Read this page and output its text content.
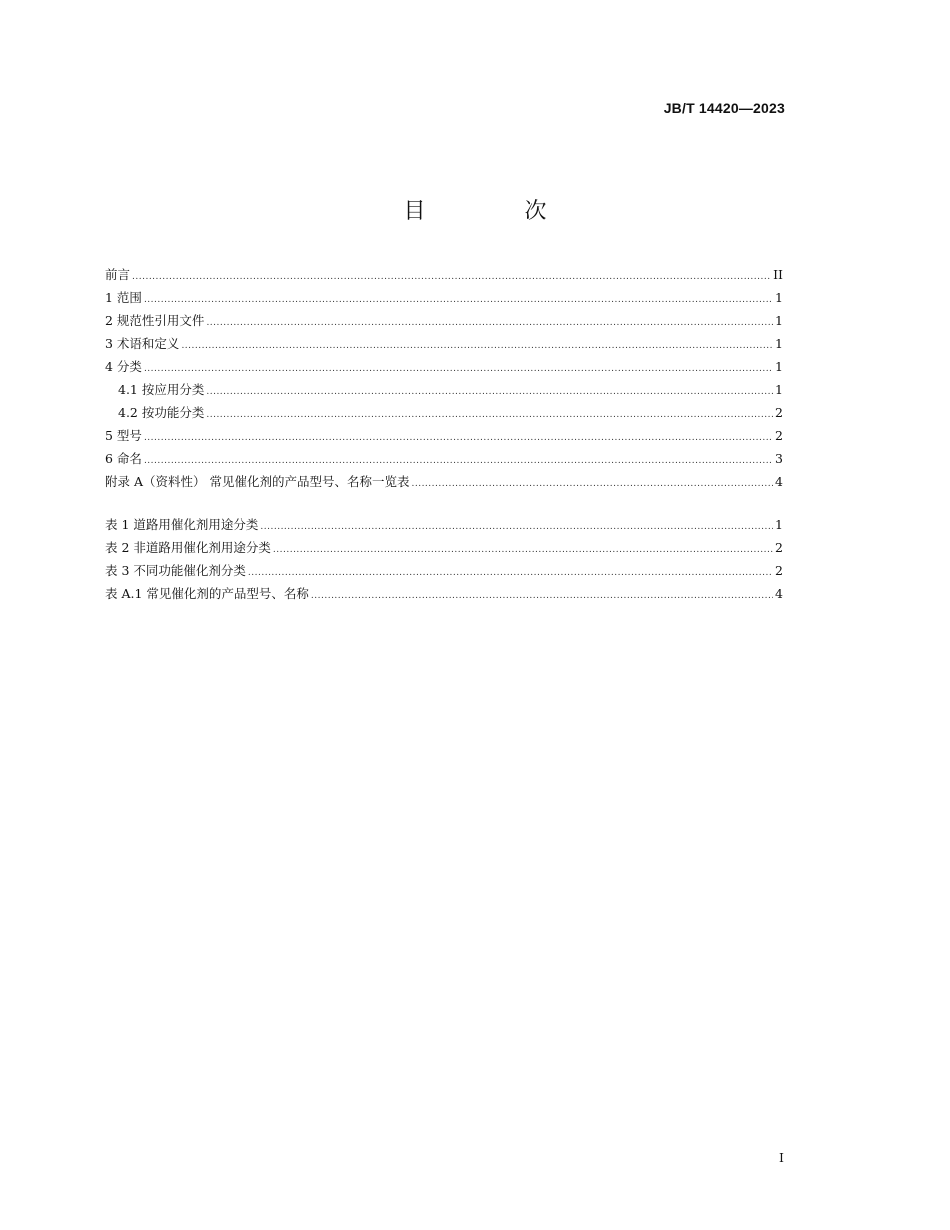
JB/T 14420—2023
目 次
前言 .....	II
1 范围 .....	1
2 规范性引用文件 .....	1
3 术语和定义 .....	1
4 分类 .....	1
4.1 按应用分类 .....	1
4.2 按功能分类 .....	2
5 型号 .....	2
6 命名 .....	3
附录 A（资料性） 常见催化剂的产品型号、名称一览表 .....	4
表 1 道路用催化剂用途分类 .....	1
表 2 非道路用催化剂用途分类 .....	2
表 3 不同功能催化剂分类 .....	2
表 A.1 常见催化剂的产品型号、名称 .....	4
I
